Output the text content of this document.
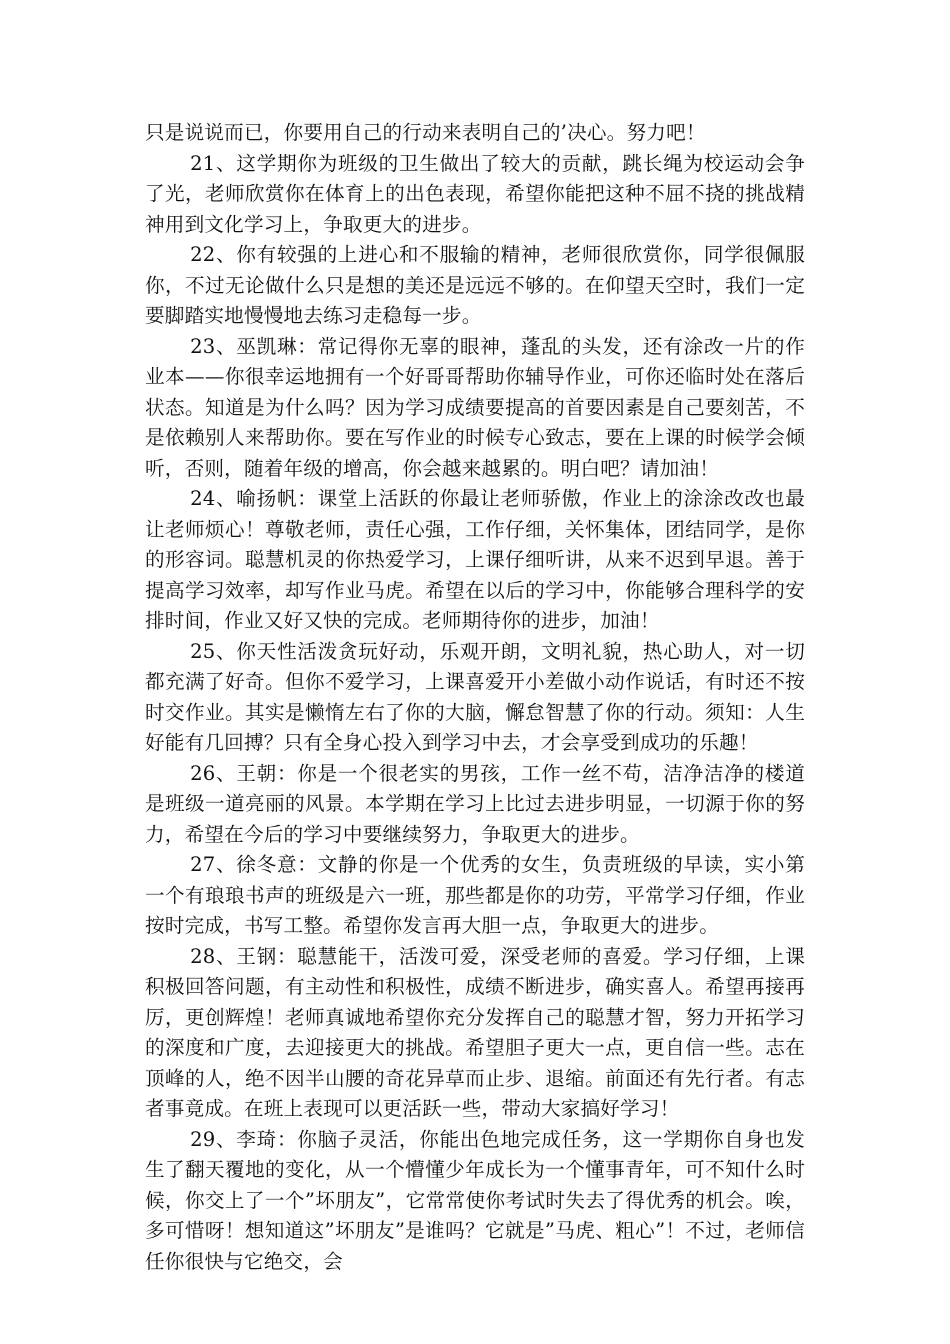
只是说说而已，你要用自己的行动来表明自己的’决心。努力吧！

21、这学期你为班级的卫生做出了较大的贡献，跳长绳为校运动会争了光，老师欣赏你在体育上的出色表现，希望你能把这种不屈不挠的挑战精神用到文化学习上，争取更大的进步。

22、你有较强的上进心和不服输的精神，老师很欣赏你，同学很佩服你，不过无论做什么只是想的美还是远远不够的。在仰望天空时，我们一定要脚踏实地慢慢地去练习走稳每一步。

23、巫凯琳：常记得你无辜的眼神，蓬乱的头发，还有涂改一片的作业本——你很幸运地拥有一个好哥哥帮助你辅导作业，可你还临时处在落后状态。知道是为什么吗？因为学习成绩要提高的首要因素是自己要刻苦，不是依赖别人来帮助你。要在写作业的时候专心致志，要在上课的时候学会倾听，否则，随着年级的增高，你会越来越累的。明白吧？请加油！

24、喻扬帆：课堂上活跃的你最让老师骄傲，作业上的涂涂改改也最让老师烦心！尊敬老师，责任心强，工作仔细，关怀集体，团结同学，是你的形容词。聪慧机灵的你热爱学习，上课仔细听讲，从来不迟到早退。善于提高学习效率，却写作业马虎。希望在以后的学习中，你能够合理科学的安排时间，作业又好又快的完成。老师期待你的进步，加油！

25、你天性活泼贪玩好动，乐观开朗，文明礼貌，热心助人，对一切都充满了好奇。但你不爱学习，上课喜爱开小差做小动作说话，有时还不按时交作业。其实是懒惰左右了你的大脑，懈怠智慧了你的行动。须知：人生好能有几回搏？只有全身心投入到学习中去，才会享受到成功的乐趣！

26、王朝：你是一个很老实的男孩，工作一丝不苟，洁净洁净的楼道是班级一道亮丽的风景。本学期在学习上比过去进步明显，一切源于你的努力，希望在今后的学习中要继续努力，争取更大的进步。

27、徐冬意：文静的你是一个优秀的女生，负责班级的早读，实小第一个有琅琅书声的班级是六一班，那些都是你的功劳，平常学习仔细，作业按时完成，书写工整。希望你发言再大胆一点，争取更大的进步。

28、王钢：聪慧能干，活泼可爱，深受老师的喜爱。学习仔细，上课积极回答问题，有主动性和积极性，成绩不断进步，确实喜人。希望再接再厉，更创辉煌！老师真诚地希望你充分发挥自己的聪慧才智，努力开拓学习的深度和广度，去迎接更大的挑战。希望胆子更大一点，更自信一些。志在顶峰的人，绝不因半山腰的奇花异草而止步、退缩。前面还有先行者。有志者事竟成。在班上表现可以更活跃一些，带动大家搞好学习！

29、李琦：你脑子灵活，你能出色地完成任务，这一学期你自身也发生了翻天覆地的变化，从一个懵懂少年成长为一个懂事青年，可不知什么时候，你交上了一个”坏朋友”，它常常使你考试时失去了得优秀的机会。唉，多可惜呀！想知道这”坏朋友”是谁吗？它就是”马虎、粗心”！不过，老师信任你很快与它绝交，会
